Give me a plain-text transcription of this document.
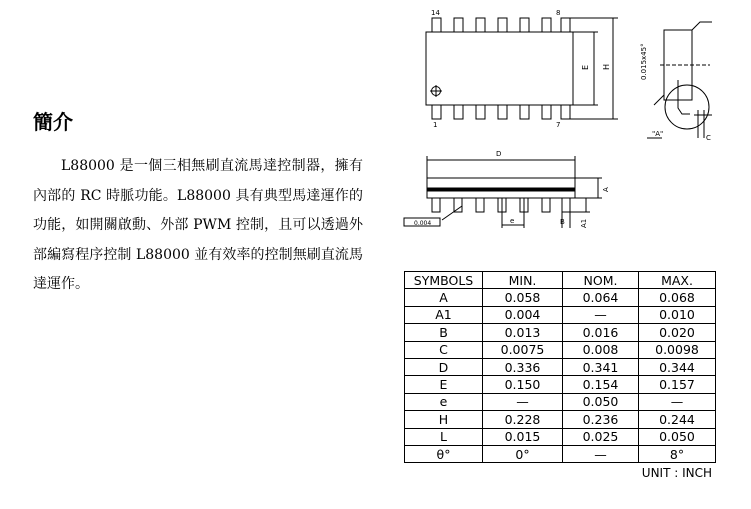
簡介

L88000 是一個三相無刷直流馬達控制器，擁有內部的 RC 時脈功能。L88000 具有典型馬達運作的功能，如開關啟動、外部 PWM 控制，且可以透過外部編寫程序控制 L88000 並有效率的控制無刷直流馬達運作。

14	8
1	7
E H	0.015x45°
"A"	C
D
A
A1
e	B
0.004
SYMBOLS	MIN.	NOM.	MAX.
A	0.058	0.064	0.068
A1	0.004	—	0.010
B	0.013	0.016	0.020
C	0.0075	0.008	0.0098
D	0.336	0.341	0.344
E	0.150	0.154	0.157
e	—	0.050	—
H	0.228	0.236	0.244
L	0.015	0.025	0.050
θ°	0°	—	8°
UNIT : INCH
